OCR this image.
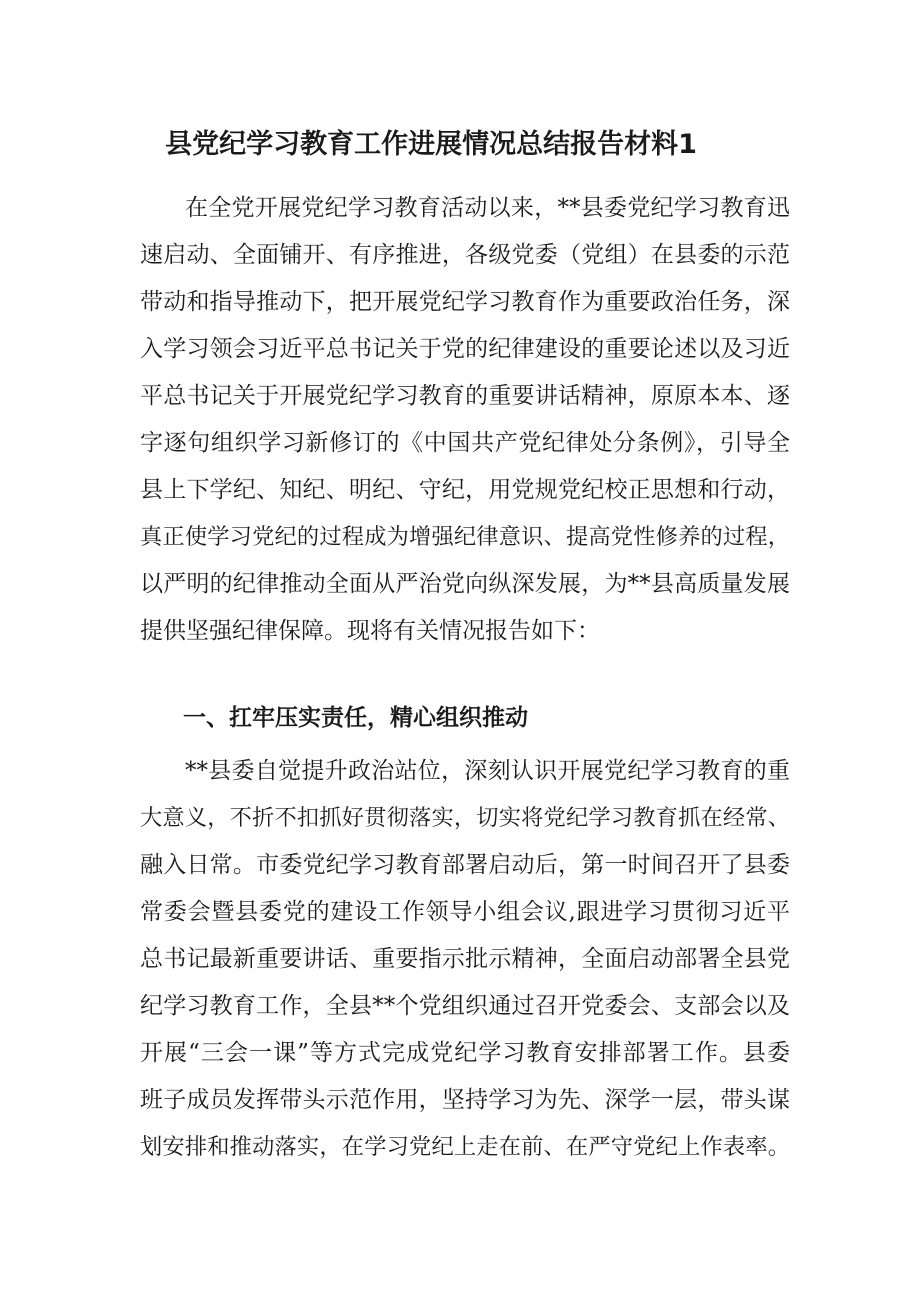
县党纪学习教育工作进展情况总结报告材料1
在全党开展党纪学习教育活动以来，**县委党纪学习教育迅
速启动、全面铺开、有序推进，各级党委（党组）在县委的示范
带动和指导推动下，把开展党纪学习教育作为重要政治任务，深
入学习领会习近平总书记关于党的纪律建设的重要论述以及习近
平总书记关于开展党纪学习教育的重要讲话精神，原原本本、逐
字逐句组织学习新修订的《中国共产党纪律处分条例》，引导全
县上下学纪、知纪、明纪、守纪，用党规党纪校正思想和行动，
真正使学习党纪的过程成为增强纪律意识、提高党性修养的过程，
以严明的纪律推动全面从严治党向纵深发展，为**县高质量发展
提供坚强纪律保障。现将有关情况报告如下：
一、扛牢压实责任，精心组织推动
**县委自觉提升政治站位，深刻认识开展党纪学习教育的重
大意义，不折不扣抓好贯彻落实，切实将党纪学习教育抓在经常、
融入日常。市委党纪学习教育部署启动后，第一时间召开了县委
常委会暨县委党的建设工作领导小组会议,跟进学习贯彻习近平
总书记最新重要讲话、重要指示批示精神，全面启动部署全县党
纪学习教育工作，全县**个党组织通过召开党委会、支部会以及
开展“三会一课”等方式完成党纪学习教育安排部署工作。县委
班子成员发挥带头示范作用，坚持学习为先、深学一层，带头谋
划安排和推动落实，在学习党纪上走在前、在严守党纪上作表率。
